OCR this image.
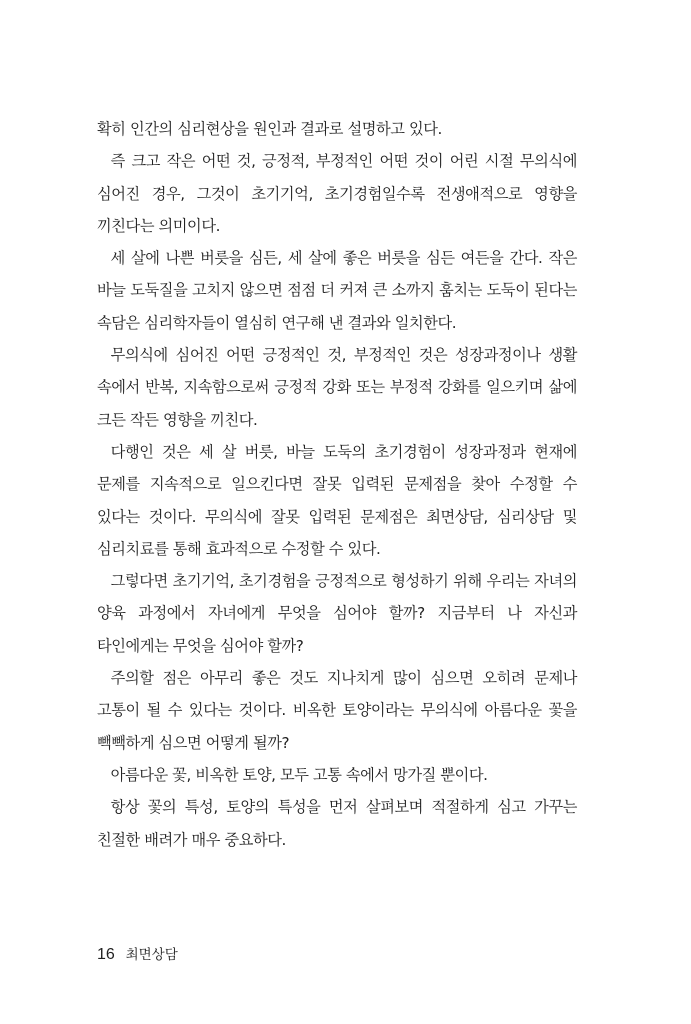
확히 인간의 심리현상을 원인과 결과로 설명하고 있다.

즉 크고 작은 어떤 것, 긍정적, 부정적인 어떤 것이 어린 시절 무의식에 심어진 경우, 그것이 초기기억, 초기경험일수록 전생애적으로 영향을 끼친다는 의미이다.

세 살에 나쁜 버릇을 심든, 세 살에 좋은 버릇을 심든 여든을 간다. 작은 바늘 도둑질을 고치지 않으면 점점 더 커져 큰 소까지 훔치는 도둑이 된다는 속담은 심리학자들이 열심히 연구해 낸 결과와 일치한다.

무의식에 심어진 어떤 긍정적인 것, 부정적인 것은 성장과정이나 생활 속에서 반복, 지속함으로써 긍정적 강화 또는 부정적 강화를 일으키며 삶에 크든 작든 영향을 끼친다.

다행인 것은 세 살 버릇, 바늘 도둑의 초기경험이 성장과정과 현재에 문제를 지속적으로 일으킨다면 잘못 입력된 문제점을 찾아 수정할 수 있다는 것이다. 무의식에 잘못 입력된 문제점은 최면상담, 심리상담 및 심리치료를 통해 효과적으로 수정할 수 있다.

그렇다면 초기기억, 초기경험을 긍정적으로 형성하기 위해 우리는 자녀의 양육 과정에서 자녀에게 무엇을 심어야 할까? 지금부터 나 자신과 타인에게는 무엇을 심어야 할까?

주의할 점은 아무리 좋은 것도 지나치게 많이 심으면 오히려 문제나 고통이 될 수 있다는 것이다. 비옥한 토양이라는 무의식에 아름다운 꽃을 빽빽하게 심으면 어떻게 될까?

아름다운 꽃, 비옥한 토양, 모두 고통 속에서 망가질 뿐이다.

항상 꽃의 특성, 토양의 특성을 먼저 살펴보며 적절하게 심고 가꾸는 친절한 배려가 매우 중요하다.

16 최면상담
